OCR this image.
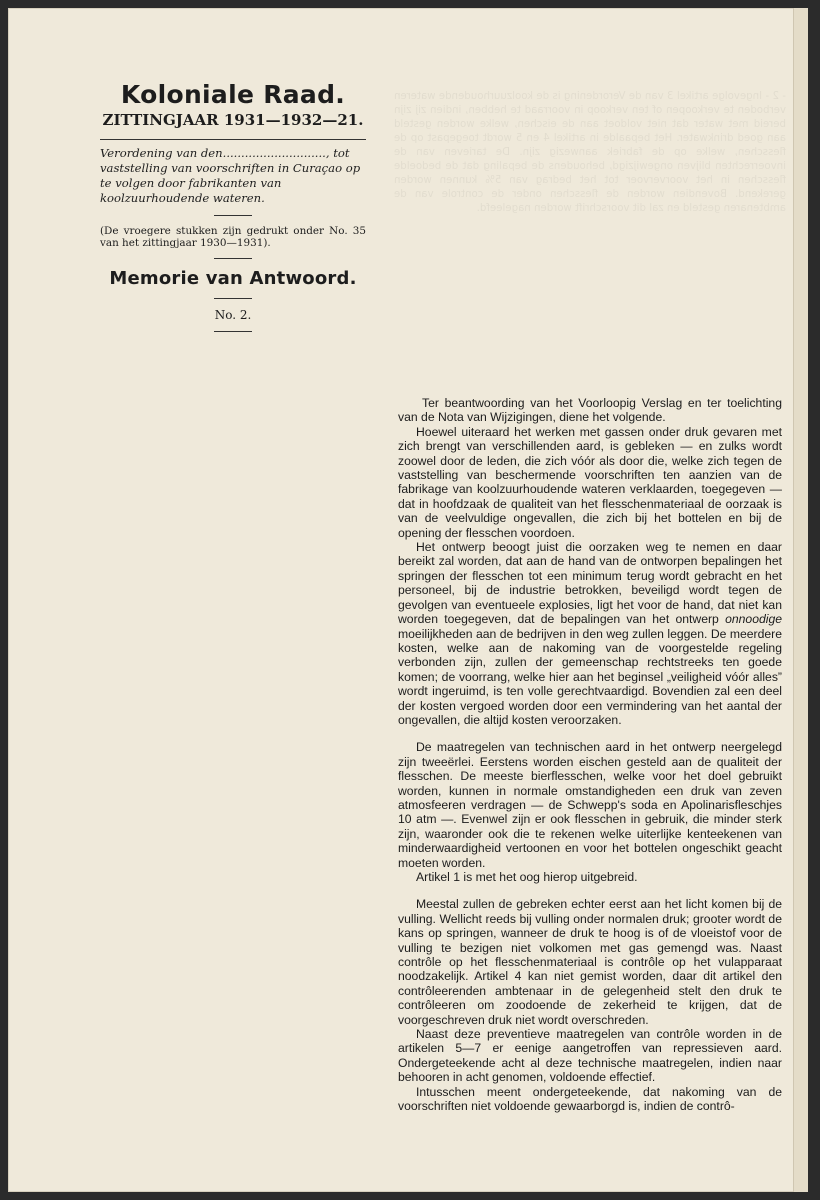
Koloniale Raad.
ZITTINGJAAR 1931—1932—21.

Verordening van den............................, tot vaststelling van voorschriften in Curaçao op te volgen door fabrikanten van koolzuurhoudende wateren.

(De vroegere stukken zijn gedrukt onder No. 35 van het zittingjaar 1930—1931).

Memorie van Antwoord.

No. 2.

- 2 - Ingevolge artikel 3 van de Verordening is de koolzuurhoudende wateren verboden te verkoopen of ten verkoop in voorraad te hebben, indien zij zijn bereid met water dat niet voldoet aan de eischen, welke worden gesteld aan goed drinkwater. Het bepaalde in artikel 4 en 5 wordt toegepast op de flesschen, welke op de fabriek aanwezig zijn. De tarieven van de invoerrechten blijven ongewijzigd, behoudens de bepaling dat de bedoelde flesschen in het voorvervoer tot het bedrag van 5% kunnen worden gerekend. Bovendien worden de flesschen onder de controle van de ambtenaren gesteld en zal dit voorschrift worden nageleefd.

Ter beantwoording van het Voorloopig Verslag en ter toelichting van de Nota van Wijzigingen, diene het volgende.

Hoewel uiteraard het werken met gassen onder druk gevaren met zich brengt van verschillenden aard, is gebleken — en zulks wordt zoowel door de leden, die zich vóór als door die, welke zich tegen de vaststelling van beschermende voorschriften ten aanzien van de fabrikage van koolzuurhoudende wateren verklaarden, toegegeven — dat in hoofdzaak de qualiteit van het flesschenmateriaal de oorzaak is van de veelvuldige ongevallen, die zich bij het bottelen en bij de opening der flesschen voordoen.

Het ontwerp beoogt juist die oorzaken weg te nemen en daar bereikt zal worden, dat aan de hand van de ontworpen bepalingen het springen der flesschen tot een minimum terug wordt gebracht en het personeel, bij de industrie betrokken, beveiligd wordt tegen de gevolgen van eventueele explosies, ligt het voor de hand, dat niet kan worden toegegeven, dat de bepalingen van het ontwerp onnoodige moeilijkheden aan de bedrijven in den weg zullen leggen. De meerdere kosten, welke aan de nakoming van de voorgestelde regeling verbonden zijn, zullen der gemeenschap rechtstreeks ten goede komen; de voorrang, welke hier aan het beginsel „veiligheid vóór alles” wordt ingeruimd, is ten volle gerechtvaardigd. Bovendien zal een deel der kosten vergoed worden door een vermindering van het aantal der ongevallen, die altijd kosten veroorzaken.

De maatregelen van technischen aard in het ontwerp neergelegd zijn tweeërlei. Eerstens worden eischen gesteld aan de qualiteit der flesschen. De meeste bierflesschen, welke voor het doel gebruikt worden, kunnen in normale omstandigheden een druk van zeven atmosfeeren verdragen — de Schwepp's soda en Apolinarisfleschjes 10 atm —. Evenwel zijn er ook flesschen in gebruik, die minder sterk zijn, waaronder ook die te rekenen welke uiterlijke kenteekenen van minderwaardigheid vertoonen en voor het bottelen ongeschikt geacht moeten worden.

Artikel 1 is met het oog hierop uitgebreid.

Meestal zullen de gebreken echter eerst aan het licht komen bij de vulling. Wellicht reeds bij vulling onder normalen druk; grooter wordt de kans op springen, wanneer de druk te hoog is of de vloeistof voor de vulling te bezigen niet volkomen met gas gemengd was. Naast contrôle op het flesschenmateriaal is contrôle op het vulapparaat noodzakelijk. Artikel 4 kan niet gemist worden, daar dit artikel den contrôleerenden ambtenaar in de gelegenheid stelt den druk te contrôleeren om zoodoende de zekerheid te krijgen, dat de voorgeschreven druk niet wordt overschreden.

Naast deze preventieve maatregelen van contrôle worden in de artikelen 5—7 er eenige aangetroffen van repressieven aard. Ondergeteekende acht al deze technische maatregelen, indien naar behooren in acht genomen, voldoende effectief.

Intusschen meent ondergeteekende, dat nakoming van de voorschriften niet voldoende gewaarborgd is, indien de contrô-
